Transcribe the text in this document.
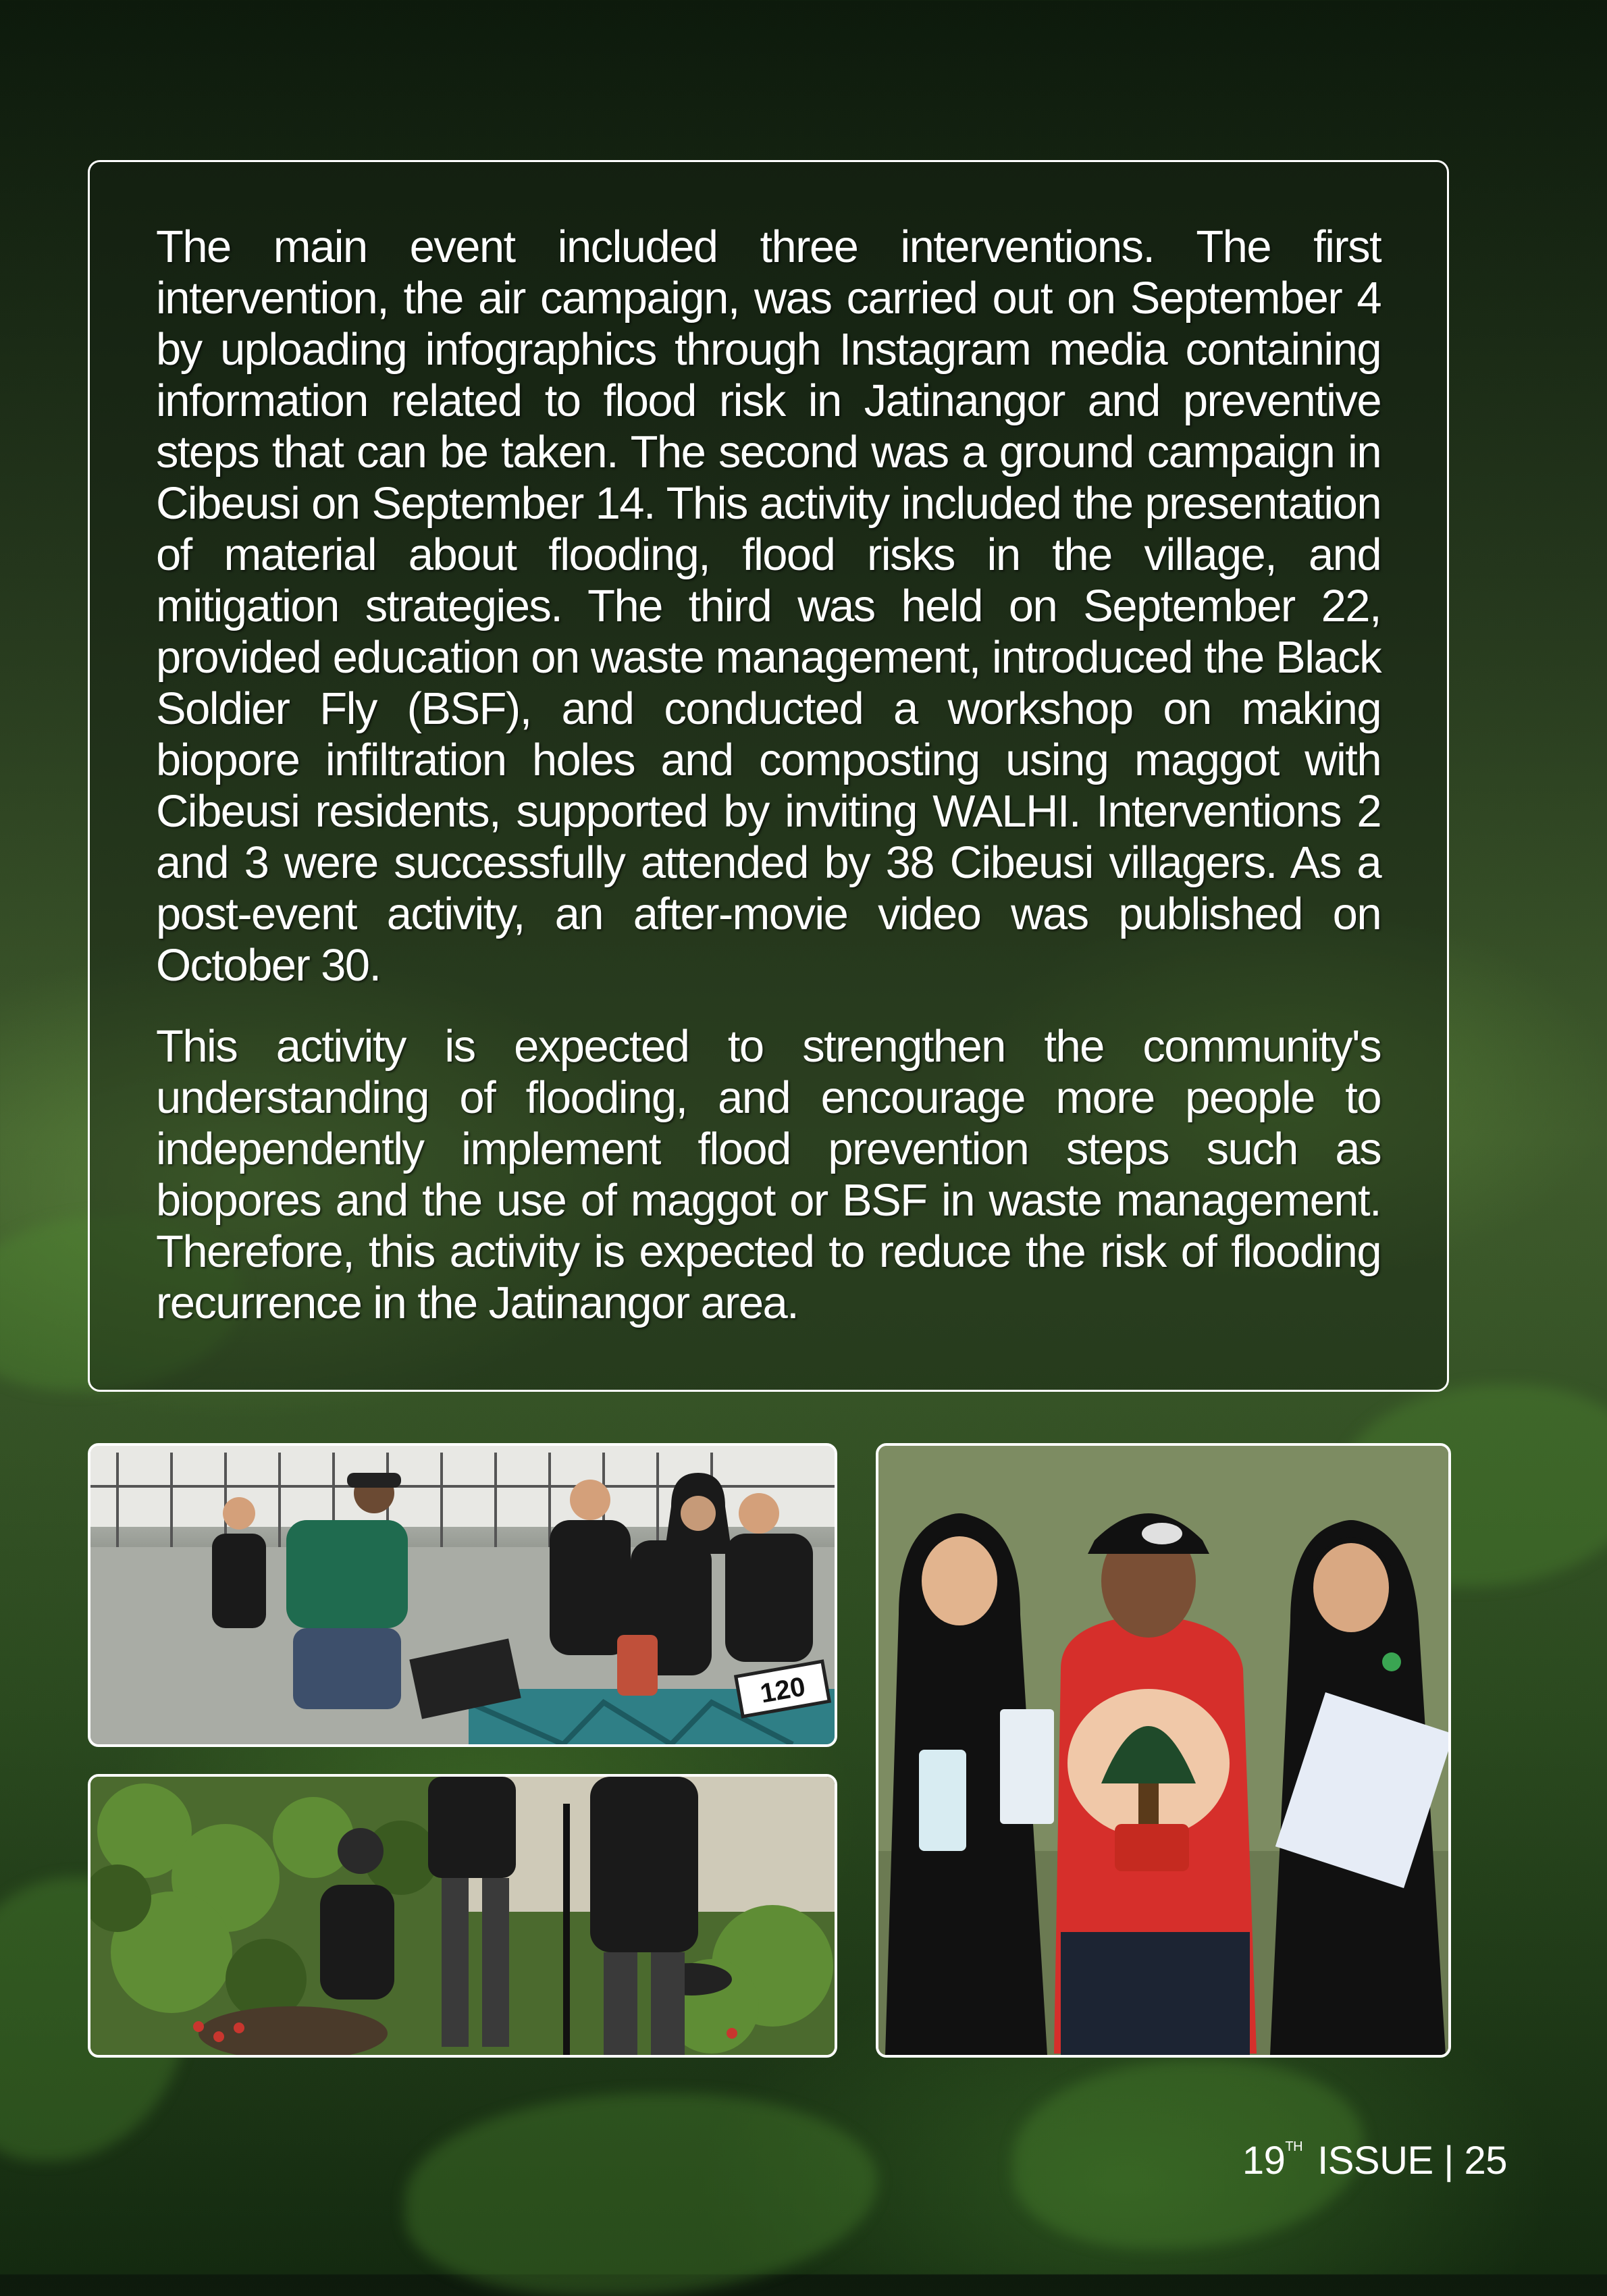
The main event included three interventions. The first intervention, the air campaign, was carried out on September 4 by uploading infographics through Instagram media containing information related to flood risk in Jatinangor and preventive steps that can be taken. The second was a ground campaign in Cibeusi on September 14. This activity included the presentation of material about flooding, flood risks in the village, and mitigation strategies. The third was held on September 22, provided education on waste management, introduced the Black Soldier Fly (BSF), and conducted a workshop on making biopore infiltration holes and composting using maggot with Cibeusi residents, supported by inviting WALHI. Interventions 2 and 3 were successfully attended by 38 Cibeusi villagers. As a post-event activity, an after-movie video was published on October 30.

This activity is expected to strengthen the community's understanding of flooding, and encourage more people to independently implement flood prevention steps such as biopores and the use of maggot or BSF in waste management. Therefore, this activity is expected to reduce the risk of flooding recurrence in the Jatinangor area.

120
19TH ISSUE | 25
